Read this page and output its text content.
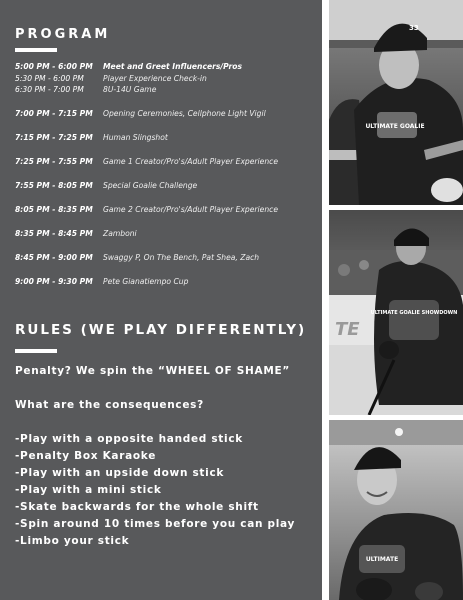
PROGRAM
5:00 PM - 6:00 PM Meet and Greet Influencers/Pros
5:30 PM - 6:00 PM	Player Experience Check-in
6:30 PM - 7:00 PM	8U-14U Game
7:00 PM - 7:15 PM Opening Ceremonies, Cellphone Light Vigil
7:15 PM - 7:25 PM Human Slingshot
7:25 PM - 7:55 PM Game 1 Creator/Pro's/Adult Player Experience
7:55 PM - 8:05 PM Special Goalie Challenge
8:05 PM - 8:35 PM Game 2 Creator/Pro's/Adult Player Experience
8:35 PM - 8:45 PM Zamboni
8:45 PM - 9:00 PM Swaggy P, On The Bench, Pat Shea, Zach
9:00 PM - 9:30 PM Pete Gianatiempo Cup
RULES (WE PLAY DIFFERENTLY)
Penalty? We spin the “WHEEL OF SHAME”
What are the consequences?
-Play with a opposite handed stick
-Penalty Box Karaoke
-Play with an upside down stick
-Play with a mini stick
-Skate backwards for the whole shift
-Spin around 10 times before you can play
-Limbo your stick
ULTIMATE GOALIE
33
TE
ULTIMATE GOALIE SHOWDOWN
ULTIMATE
